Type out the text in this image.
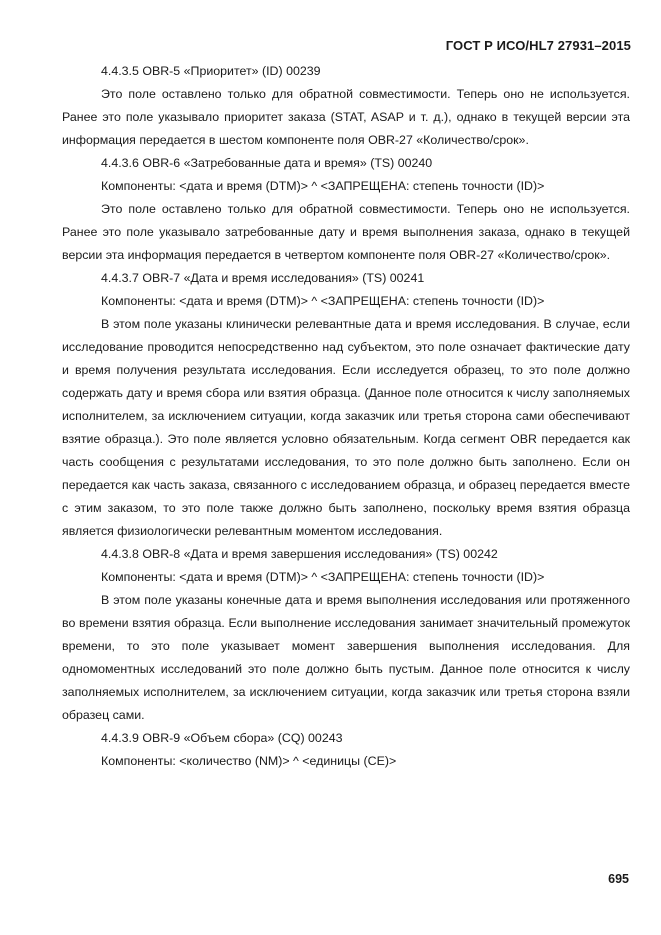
ГОСТ Р ИСО/HL7 27931–2015

4.4.3.5 OBR-5 «Приоритет» (ID) 00239

Это поле оставлено только для обратной совместимости. Теперь оно не используется. Ранее это поле указывало приоритет заказа (STAT, ASAP и т. д.), однако в текущей версии эта информация передается в шестом компоненте поля OBR-27 «Количество/срок».

4.4.3.6 OBR-6 «Затребованные дата и время» (TS) 00240

Компоненты: <дата и время (DTM)> ^ <ЗАПРЕЩЕНА: степень точности (ID)>

Это поле оставлено только для обратной совместимости. Теперь оно не используется. Ранее это поле указывало затребованные дату и время выполнения заказа, однако в текущей версии эта информация передается в четвертом компоненте поля OBR-27 «Количество/срок».

4.4.3.7 OBR-7 «Дата и время исследования» (TS) 00241

Компоненты: <дата и время (DTM)> ^ <ЗАПРЕЩЕНА: степень точности (ID)>

В этом поле указаны клинически релевантные дата и время исследования. В случае, если исследование проводится непосредственно над субъектом, это поле означает фактические дату и время получения результата исследования. Если исследуется образец, то это поле должно содержать дату и время сбора или взятия образца. (Данное поле относится к числу заполняемых исполнителем, за исключением ситуации, когда заказчик или третья сторона сами обеспечивают взятие образца.). Это поле является условно обязательным. Когда сегмент OBR передается как часть сообщения с результатами исследования, то это поле должно быть заполнено. Если он передается как часть заказа, связанного с исследованием образца, и образец передается вместе с этим заказом, то это поле также должно быть заполнено, поскольку время взятия образца является физиологически релевантным моментом исследования.

4.4.3.8 OBR-8 «Дата и время завершения исследования» (TS) 00242

Компоненты: <дата и время (DTM)> ^ <ЗАПРЕЩЕНА: степень точности (ID)>

В этом поле указаны конечные дата и время выполнения исследования или протяженного во времени взятия образца. Если выполнение исследования занимает значительный промежуток времени, то это поле указывает момент завершения выполнения исследования. Для одномоментных исследований это поле должно быть пустым. Данное поле относится к числу заполняемых исполнителем, за исключением ситуации, когда заказчик или третья сторона взяли образец сами.

4.4.3.9 OBR-9 «Объем сбора» (CQ) 00243

Компоненты: <количество (NM)> ^ <единицы (CE)>

695
